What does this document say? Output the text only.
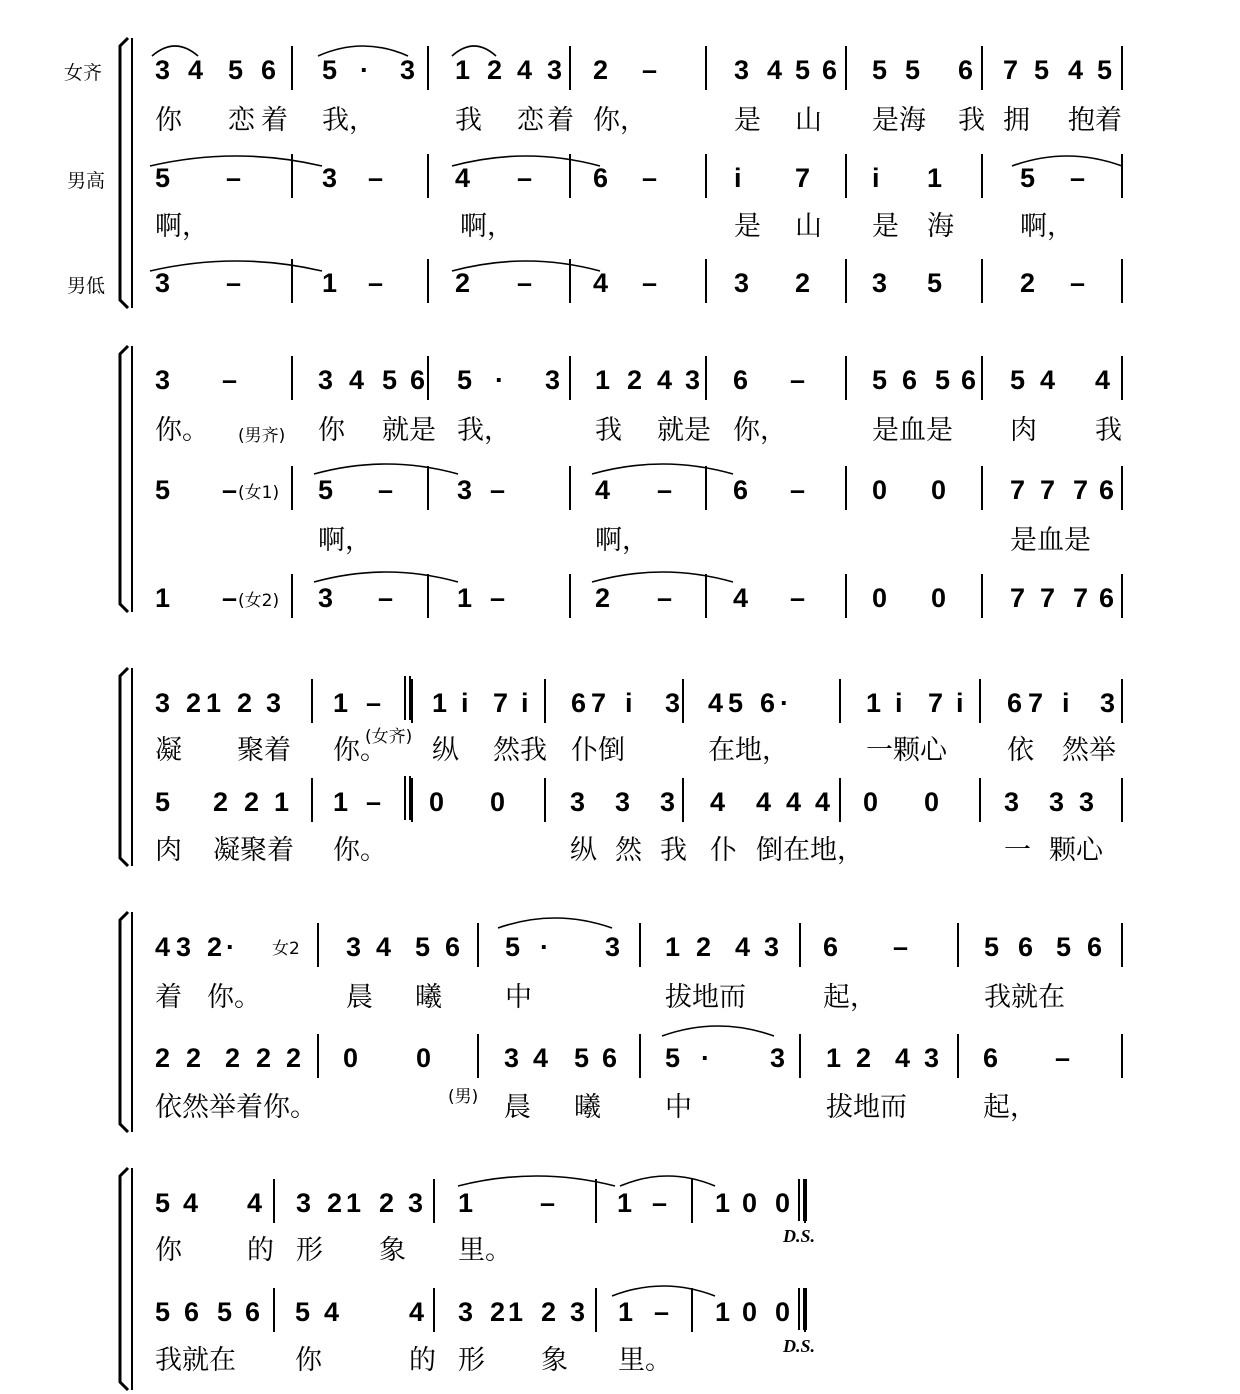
女齐
男高
男低
(男齐)
(女1)
(女2)
(女齐)
女2
(男)
D.S.
D.S.
3 4 5 6 5 · 3 1 2 4 3 2 –	3 4 5 6 5 5 6 7 5 4 5
你 恋 着 我，	我 恋 着 你，	是 山 是海 我 拥 抱着
5 –	3 –	4 – 6 –	i 7 i 1	5 –
啊，	啊，	是 山 是 海 啊，
3 –	1 –	2 – 4 –	3 2 3 5	2 –
3 –	3 4 5 6 5 · 3 1 2 4 3 6 – 5 6 5 6 5 4 4
你。	你 就是 我，	我 就是 你，	是血是 肉 我
5 –	5 – 3 –	4 – 6 – 0 0 7 7 7 6
啊，	啊，	是血是
1 –	3 – 1 –	2 – 4 – 0 0 7 7 7 6
3 2 1 2 3 1 – 1 i 7 i 6 7 i 3 4 5 6 ·	1 i 7 i 6 7 i 3
凝 聚着 你。 纵 然我 仆倒	在地，	一颗心 依 然举
5 2 2 1 1 – 0 0 3 3 3 4 4 4 4 0 0 3 3 3
肉 凝聚着 你。	纵 然 我 仆 倒在地，	一 颗心
4 3 2 ·	3 4 5 6 5 · 3 1 2 4 3 6 –	5 6 5 6
着 你。	晨 曦 中	拔地而	起，	我就在
2 2 2 2 2 0 0	3 4 5 6 5 · 3 1 2 4 3 6 –
依然举着你。	晨 曦 中	拔地而	起，
5 4 4 3 2 1 2 3 1 – 1 – 1 0 0
你 的 形 象 里。
5 6 5 6 5 4	4 3 2 1 2 3 1 – 1 0 0
我就在 你	的 形 象 里。
